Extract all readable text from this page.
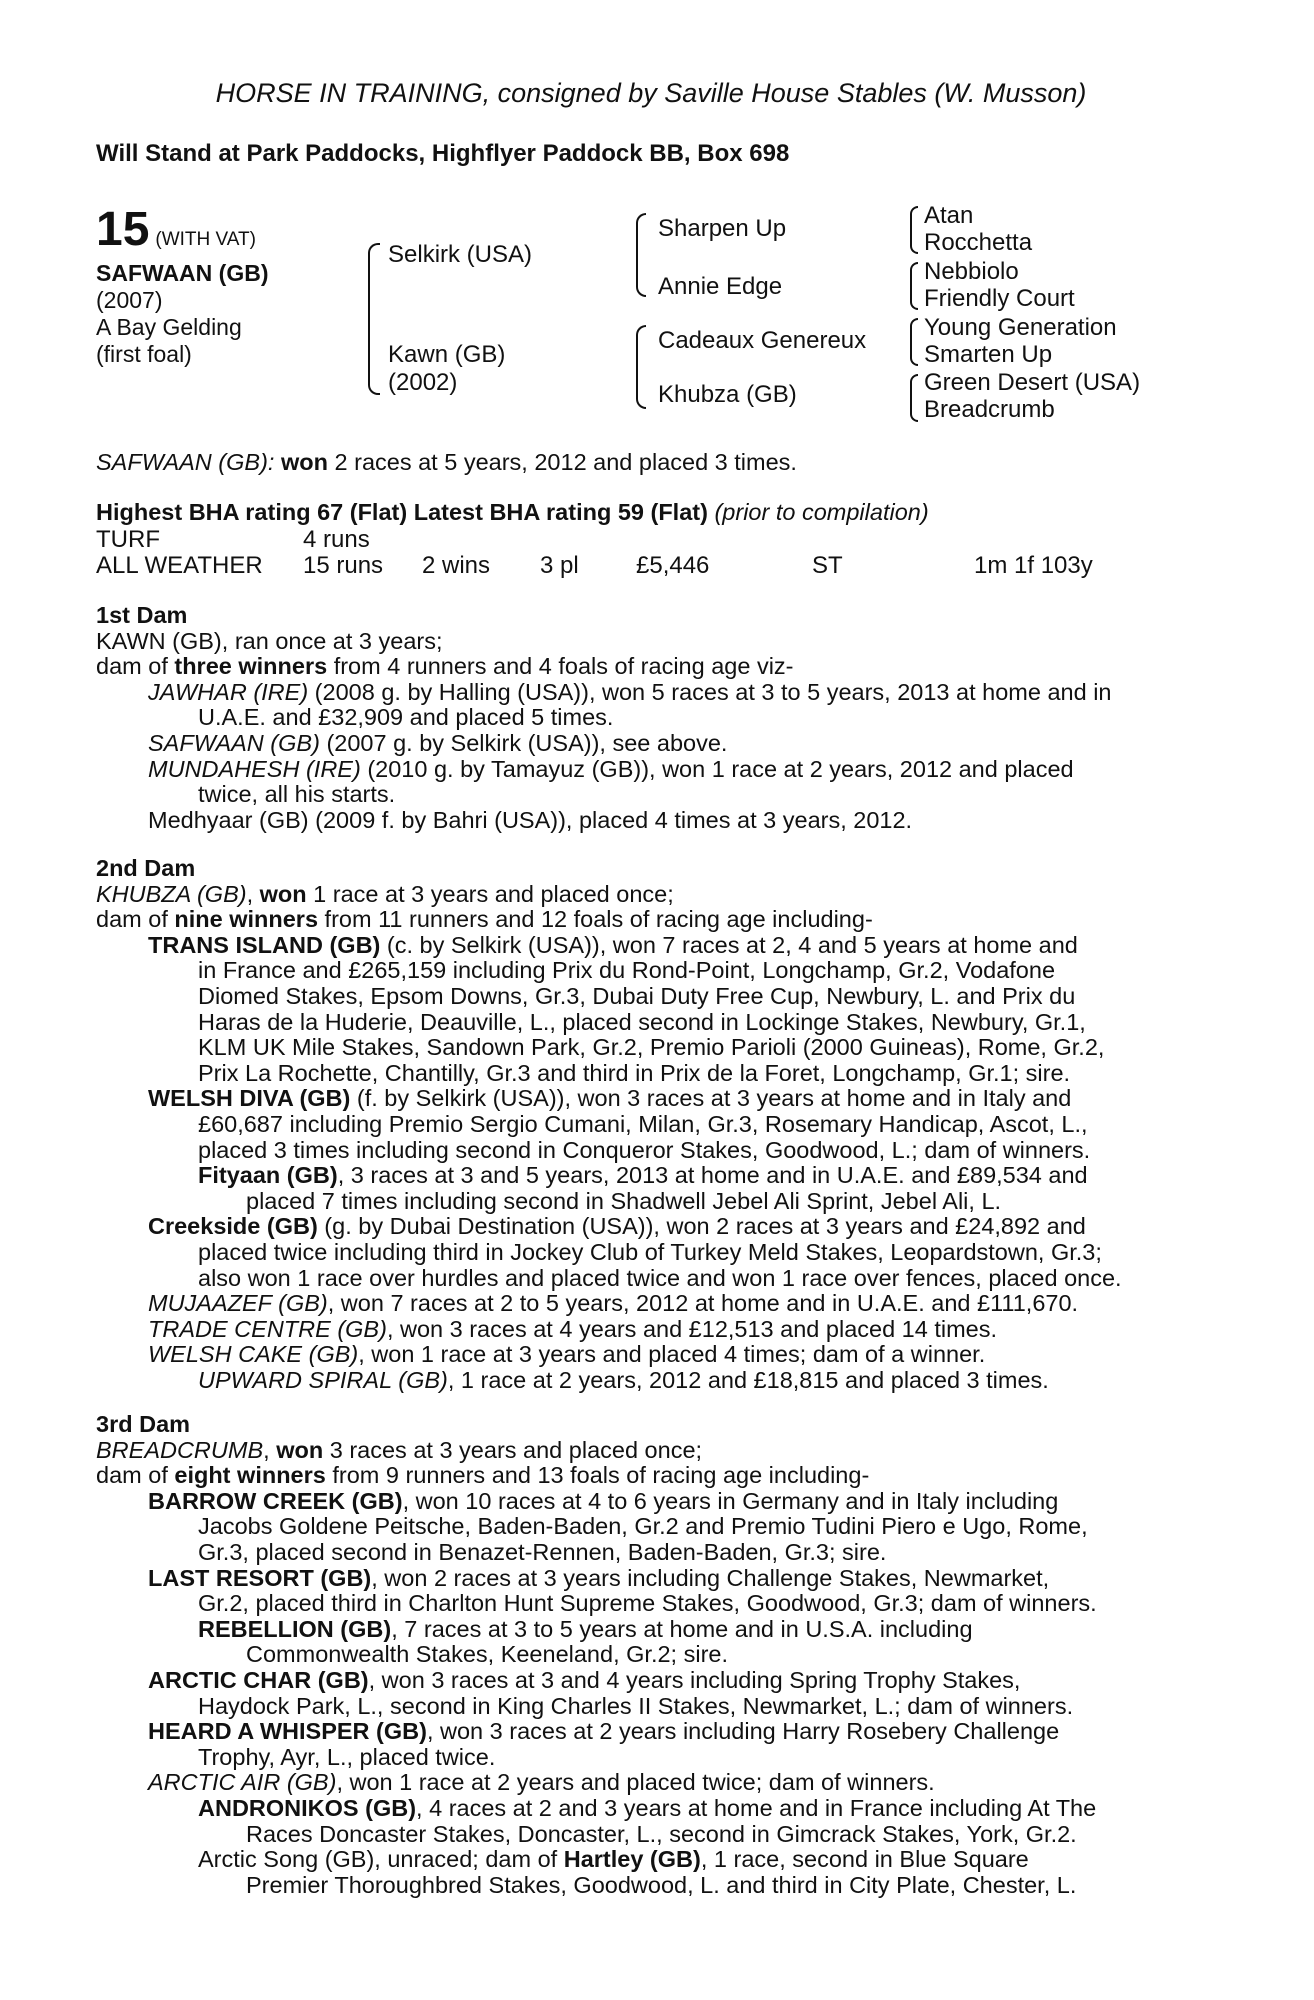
HORSE IN TRAINING, consigned by Saville House Stables (W. Musson)
Will Stand at Park Paddocks, Highflyer Paddock BB, Box 698
15 (WITH VAT)
SAFWAAN (GB)
(2007)
A Bay Gelding
(first foal)
Selkirk (USA)
Kawn (GB)
(2002)
Sharpen Up
Annie Edge
Cadeaux Genereux
Khubza (GB)
Atan
Rocchetta
Nebbiolo
Friendly Court
Young Generation
Smarten Up
Green Desert (USA)
Breadcrumb
SAFWAAN (GB): won 2 races at 5 years, 2012 and placed 3 times.
Highest BHA rating 67 (Flat) Latest BHA rating 59 (Flat) (prior to compilation)
TURF	4 runs
ALL WEATHER 15 runs 2 wins 3 pl £5,446	ST	1m 1f 103y
1st Dam
KAWN (GB), ran once at 3 years;
dam of three winners from 4 runners and 4 foals of racing age viz-
JAWHAR (IRE) (2008 g. by Halling (USA)), won 5 races at 3 to 5 years, 2013 at home and in
U.A.E. and £32,909 and placed 5 times.
SAFWAAN (GB) (2007 g. by Selkirk (USA)), see above.
MUNDAHESH (IRE) (2010 g. by Tamayuz (GB)), won 1 race at 2 years, 2012 and placed
twice, all his starts.
Medhyaar (GB) (2009 f. by Bahri (USA)), placed 4 times at 3 years, 2012.
2nd Dam
KHUBZA (GB), won 1 race at 3 years and placed once;
dam of nine winners from 11 runners and 12 foals of racing age including-
TRANS ISLAND (GB) (c. by Selkirk (USA)), won 7 races at 2, 4 and 5 years at home and
in France and £265,159 including Prix du Rond-Point, Longchamp, Gr.2, Vodafone
Diomed Stakes, Epsom Downs, Gr.3, Dubai Duty Free Cup, Newbury, L. and Prix du
Haras de la Huderie, Deauville, L., placed second in Lockinge Stakes, Newbury, Gr.1,
KLM UK Mile Stakes, Sandown Park, Gr.2, Premio Parioli (2000 Guineas), Rome, Gr.2,
Prix La Rochette, Chantilly, Gr.3 and third in Prix de la Foret, Longchamp, Gr.1; sire.
WELSH DIVA (GB) (f. by Selkirk (USA)), won 3 races at 3 years at home and in Italy and
£60,687 including Premio Sergio Cumani, Milan, Gr.3, Rosemary Handicap, Ascot, L.,
placed 3 times including second in Conqueror Stakes, Goodwood, L.; dam of winners.
Fityaan (GB), 3 races at 3 and 5 years, 2013 at home and in U.A.E. and £89,534 and
placed 7 times including second in Shadwell Jebel Ali Sprint, Jebel Ali, L.
Creekside (GB) (g. by Dubai Destination (USA)), won 2 races at 3 years and £24,892 and
placed twice including third in Jockey Club of Turkey Meld Stakes, Leopardstown, Gr.3;
also won 1 race over hurdles and placed twice and won 1 race over fences, placed once.
MUJAAZEF (GB), won 7 races at 2 to 5 years, 2012 at home and in U.A.E. and £111,670.
TRADE CENTRE (GB), won 3 races at 4 years and £12,513 and placed 14 times.
WELSH CAKE (GB), won 1 race at 3 years and placed 4 times; dam of a winner.
UPWARD SPIRAL (GB), 1 race at 2 years, 2012 and £18,815 and placed 3 times.
3rd Dam
BREADCRUMB, won 3 races at 3 years and placed once;
dam of eight winners from 9 runners and 13 foals of racing age including-
BARROW CREEK (GB), won 10 races at 4 to 6 years in Germany and in Italy including
Jacobs Goldene Peitsche, Baden-Baden, Gr.2 and Premio Tudini Piero e Ugo, Rome,
Gr.3, placed second in Benazet-Rennen, Baden-Baden, Gr.3; sire.
LAST RESORT (GB), won 2 races at 3 years including Challenge Stakes, Newmarket,
Gr.2, placed third in Charlton Hunt Supreme Stakes, Goodwood, Gr.3; dam of winners.
REBELLION (GB), 7 races at 3 to 5 years at home and in U.S.A. including
Commonwealth Stakes, Keeneland, Gr.2; sire.
ARCTIC CHAR (GB), won 3 races at 3 and 4 years including Spring Trophy Stakes,
Haydock Park, L., second in King Charles II Stakes, Newmarket, L.; dam of winners.
HEARD A WHISPER (GB), won 3 races at 2 years including Harry Rosebery Challenge
Trophy, Ayr, L., placed twice.
ARCTIC AIR (GB), won 1 race at 2 years and placed twice; dam of winners.
ANDRONIKOS (GB), 4 races at 2 and 3 years at home and in France including At The
Races Doncaster Stakes, Doncaster, L., second in Gimcrack Stakes, York, Gr.2.
Arctic Song (GB), unraced; dam of Hartley (GB), 1 race, second in Blue Square
Premier Thoroughbred Stakes, Goodwood, L. and third in City Plate, Chester, L.
